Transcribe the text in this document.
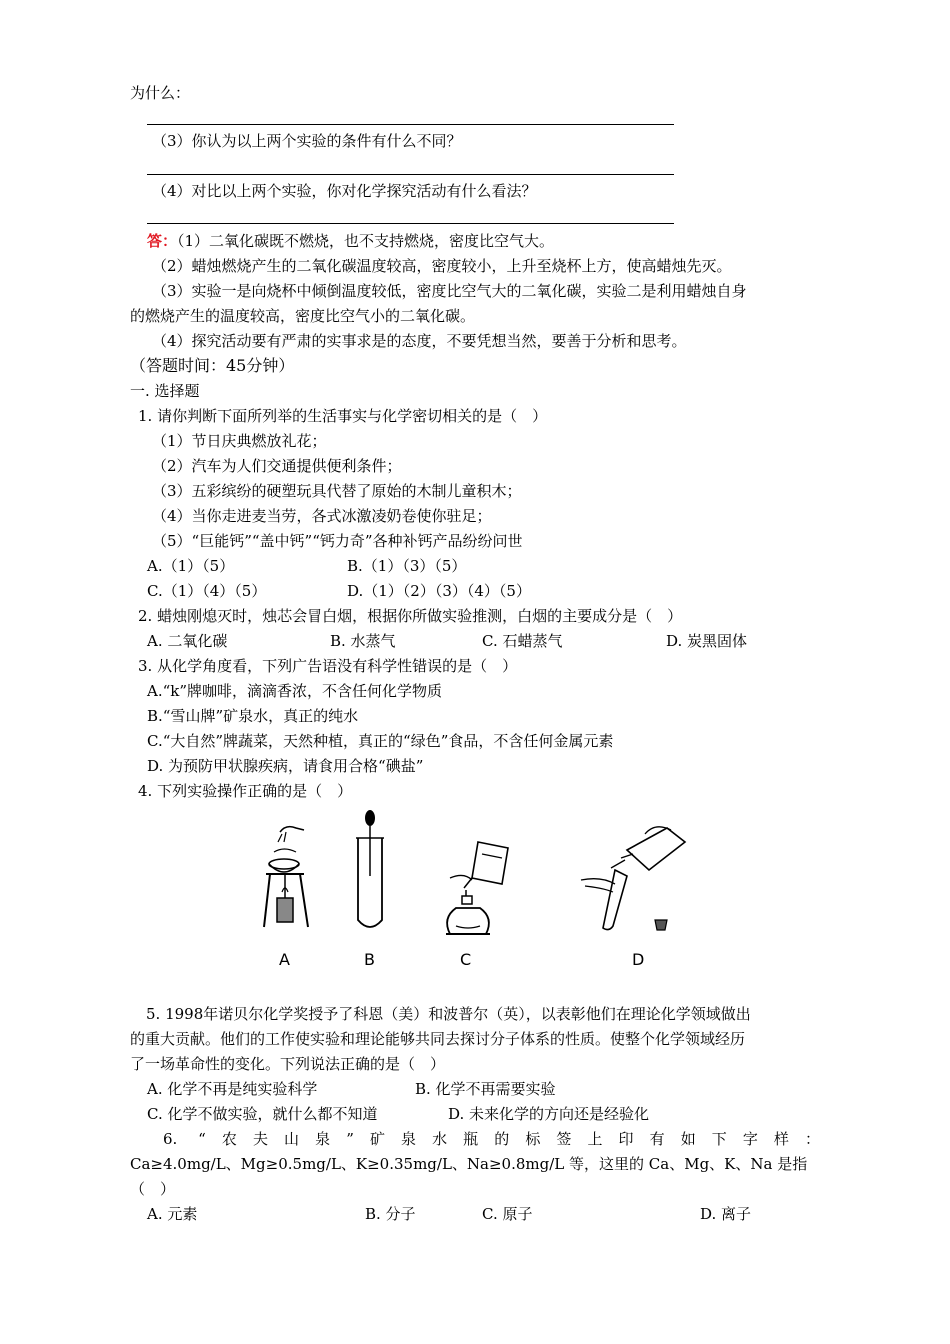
为什么：
（3）你认为以上两个实验的条件有什么不同？
（4）对比以上两个实验，你对化学探究活动有什么看法？
答：（1）二氧化碳既不燃烧，也不支持燃烧，密度比空气大。
（2）蜡烛燃烧产生的二氧化碳温度较高，密度较小，上升至烧杯上方，使高蜡烛先灭。
（3）实验一是向烧杯中倾倒温度较低，密度比空气大的二氧化碳，实验二是利用蜡烛自身
的燃烧产生的温度较高，密度比空气小的二氧化碳。
（4）探究活动要有严肃的实事求是的态度，不要凭想当然，要善于分析和思考。
（答题时间：45分钟）
一. 选择题
1. 请你判断下面所列举的生活事实与化学密切相关的是（　）
（1）节日庆典燃放礼花；
（2）汽车为人们交通提供便利条件；
（3）五彩缤纷的硬塑玩具代替了原始的木制儿童积木；
（4）当你走进麦当劳，各式冰激凌奶卷使你驻足；
（5）“巨能钙”“盖中钙”“钙力奇”各种补钙产品纷纷问世
A.（1）（5）	B.（1）（3）（5）
C.（1）（4）（5）	D.（1）（2）（3）（4）（5）
2. 蜡烛刚熄灭时，烛芯会冒白烟，根据你所做实验推测，白烟的主要成分是（　）
A. 二氧化碳	B. 水蒸气	C. 石蜡蒸气	D. 炭黑固体
3. 从化学角度看，下列广告语没有科学性错误的是（　）
A.“k”牌咖啡，滴滴香浓，不含任何化学物质
B.“雪山牌”矿泉水，真正的纯水
C.“大自然”牌蔬菜，天然种植，真正的“绿色”食品，不含任何金属元素
D. 为预防甲状腺疾病，请食用合格“碘盐”
4. 下列实验操作正确的是（　）
A	B	C	D
5. 1998年诺贝尔化学奖授予了科恩（美）和波普尔（英），以表彰他们在理论化学领域做出
的重大贡献。他们的工作使实验和理论能够共同去探讨分子体系的性质。使整个化学领域经历
了一场革命性的变化。下列说法正确的是（　）
A. 化学不再是纯实验科学	B. 化学不再需要实验
C. 化学不做实验，就什么都不知道	D. 未来化学的方向还是经验化
6. “农夫山泉”矿泉水瓶的标签上印有如下字样：
Ca≥4.0mg/L、Mg≥0.5mg/L、K≥0.35mg/L、Na≥0.8mg/L 等，这里的 Ca、Mg、K、Na 是指
（　）
A. 元素	B. 分子	C. 原子	D. 离子
